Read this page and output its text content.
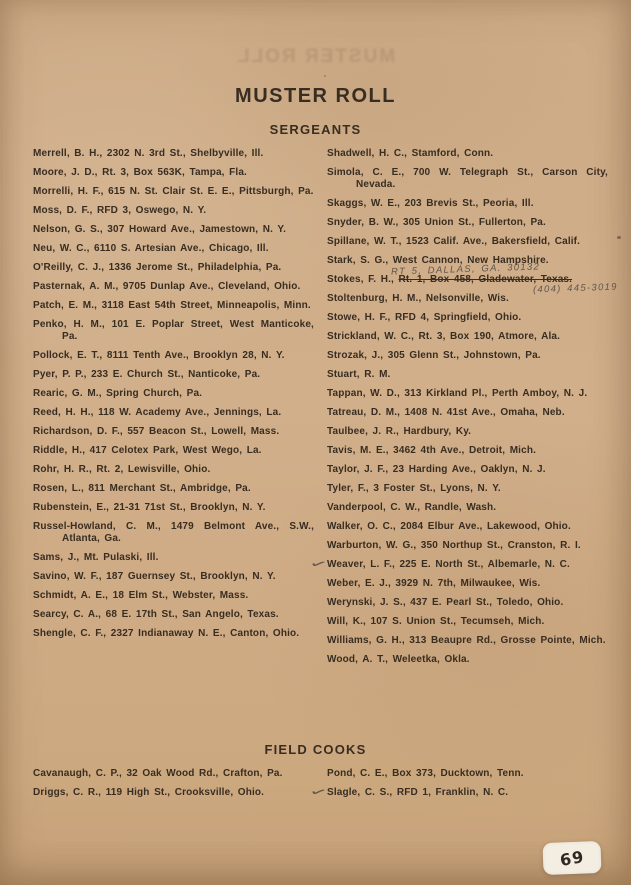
MUSTER ROLL
MUSTER ROLL
SERGEANTS
Merrell, B. H., 2302 N. 3rd St., Shelbyville, Ill.
Moore, J. D., Rt. 3, Box 563K, Tampa, Fla.
Morrelli, H. F., 615 N. St. Clair St. E. E., Pittsburgh, Pa.
Moss, D. F., RFD 3, Oswego, N. Y.
Nelson, G. S., 307 Howard Ave., Jamestown, N. Y.
Neu, W. C., 6110 S. Artesian Ave., Chicago, Ill.
O'Reilly, C. J., 1336 Jerome St., Philadelphia, Pa.
Pasternak, A. M., 9705 Dunlap Ave., Cleveland, Ohio.
Patch, E. M., 3118 East 54th Street, Minneapolis, Minn.
Penko, H. M., 101 E. Poplar Street, West Manticoke, Pa.
Pollock, E. T., 8111 Tenth Ave., Brooklyn 28, N. Y.
Pyer, P. P., 233 E. Church St., Nanticoke, Pa.
Rearic, G. M., Spring Church, Pa.
Reed, H. H., 118 W. Academy Ave., Jennings, La.
Richardson, D. F., 557 Beacon St., Lowell, Mass.
Riddle, H., 417 Celotex Park, West Wego, La.
Rohr, H. R., Rt. 2, Lewisville, Ohio.
Rosen, L., 811 Merchant St., Ambridge, Pa.
Rubenstein, E., 21-31 71st St., Brooklyn, N. Y.
Russel-Howland, C. M., 1479 Belmont Ave., S.W., Atlanta, Ga.
Sams, J., Mt. Pulaski, Ill.
Savino, W. F., 187 Guernsey St., Brooklyn, N. Y.
Schmidt, A. E., 18 Elm St., Webster, Mass.
Searcy, C. A., 68 E. 17th St., San Angelo, Texas.
Shengle, C. F., 2327 Indianaway N. E., Canton, Ohio.
Shadwell, H. C., Stamford, Conn.
Simola, C. E., 700 W. Telegraph St., Carson City, Nevada.
Skaggs, W. E., 203 Brevis St., Peoria, Ill.
Snyder, B. W., 305 Union St., Fullerton, Pa.
Spillane, W. T., 1523 Calif. Ave., Bakersfield, Calif.
Stark, S. G., West Cannon, New Hampshire.
Stokes, F. H., Rt. 1, Box 458, Gladewater, Texas.
RT 5, DALLAS, GA. 30132
(404) 445-3019
Stoltenburg, H. M., Nelsonville, Wis.
Stowe, H. F., RFD 4, Springfield, Ohio.
Strickland, W. C., Rt. 3, Box 190, Atmore, Ala.
Strozak, J., 305 Glenn St., Johnstown, Pa.
Stuart, R. M.
Tappan, W. D., 313 Kirkland Pl., Perth Amboy, N. J.
Tatreau, D. M., 1408 N. 41st Ave., Omaha, Neb.
Taulbee, J. R., Hardbury, Ky.
Tavis, M. E., 3462 4th Ave., Detroit, Mich.
Taylor, J. F., 23 Harding Ave., Oaklyn, N. J.
Tyler, F., 3 Foster St., Lyons, N. Y.
Vanderpool, C. W., Randle, Wash.
Walker, O. C., 2084 Elbur Ave., Lakewood, Ohio.
Warburton, W. G., 350 Northup St., Cranston, R. I.
✓
Weaver, L. F., 225 E. North St., Albemarle, N. C.
Weber, E. J., 3929 N. 7th, Milwaukee, Wis.
Werynski, J. S., 437 E. Pearl St., Toledo, Ohio.
Will, K., 107 S. Union St., Tecumseh, Mich.
Williams, G. H., 313 Beaupre Rd., Grosse Pointe, Mich.
Wood, A. T., Weleetka, Okla.
FIELD COOKS
Cavanaugh, C. P., 32 Oak Wood Rd., Crafton, Pa.
Driggs, C. R., 119 High St., Crooksville, Ohio.
Pond, C. E., Box 373, Ducktown, Tenn.
✓
Slagle, C. S., RFD 1, Franklin, N. C.
69
